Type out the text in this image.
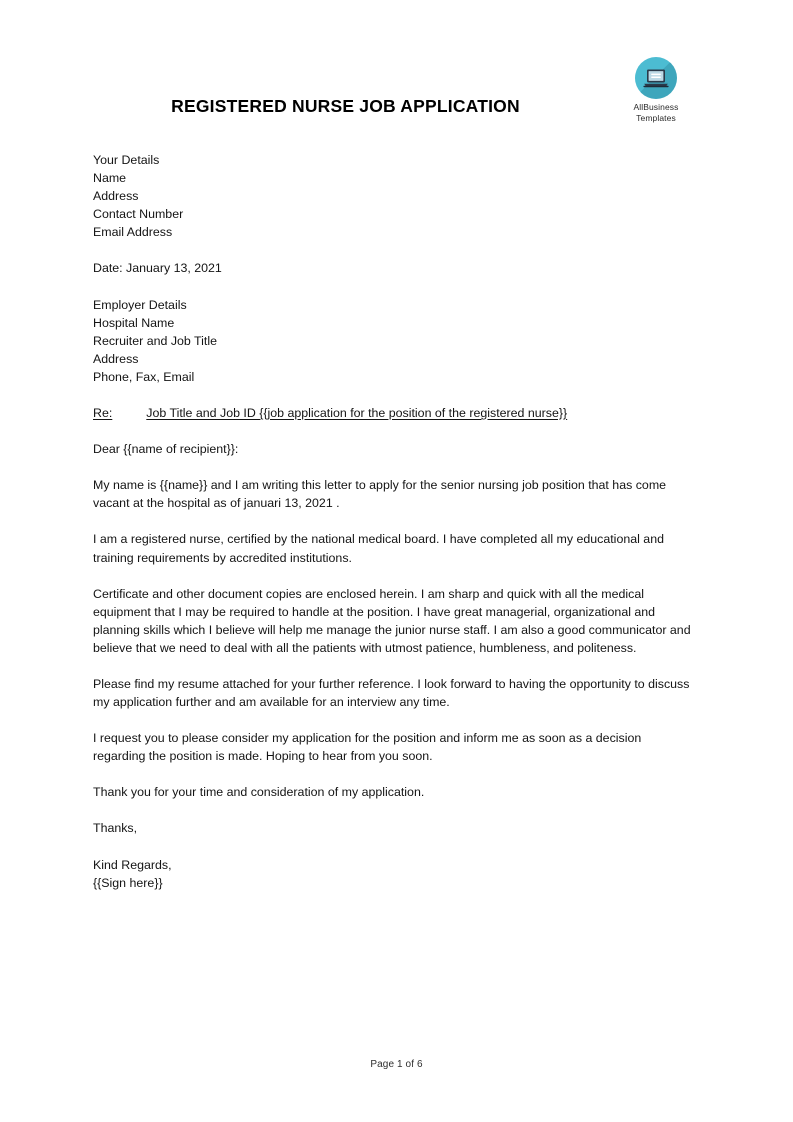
AllBusiness
Templates
REGISTERED NURSE JOB APPLICATION
Your Details
Name
Address
Contact Number
Email Address
Date: January 13, 2021
Employer Details
Hospital Name
Recruiter and Job Title
Address
Phone, Fax, Email
Re:	Job Title and Job ID {{job application for the position of the registered nurse}}
Dear {{name of recipient}}:

My name is {{name}} and I am writing this letter to apply for the senior nursing job position that has come vacant at the hospital as of januari 13, 2021 .

I am a registered nurse, certified by the national medical board. I have completed all my educational and training requirements by accredited institutions.

Certificate and other document copies are enclosed herein. I am sharp and quick with all the medical equipment that I may be required to handle at the position. I have great managerial, organizational and planning skills which I believe will help me manage the junior nurse staff. I am also a good communicator and believe that we need to deal with all the patients with utmost patience, humbleness, and politeness.

Please find my resume attached for your further reference. I look forward to having the opportunity to discuss my application further and am available for an interview any time.

I request you to please consider my application for the position and inform me as soon as a decision regarding the position is made. Hoping to hear from you soon.

Thank you for your time and consideration of my application.

Thanks,
Kind Regards,
{{Sign here}}
Page 1 of 6
